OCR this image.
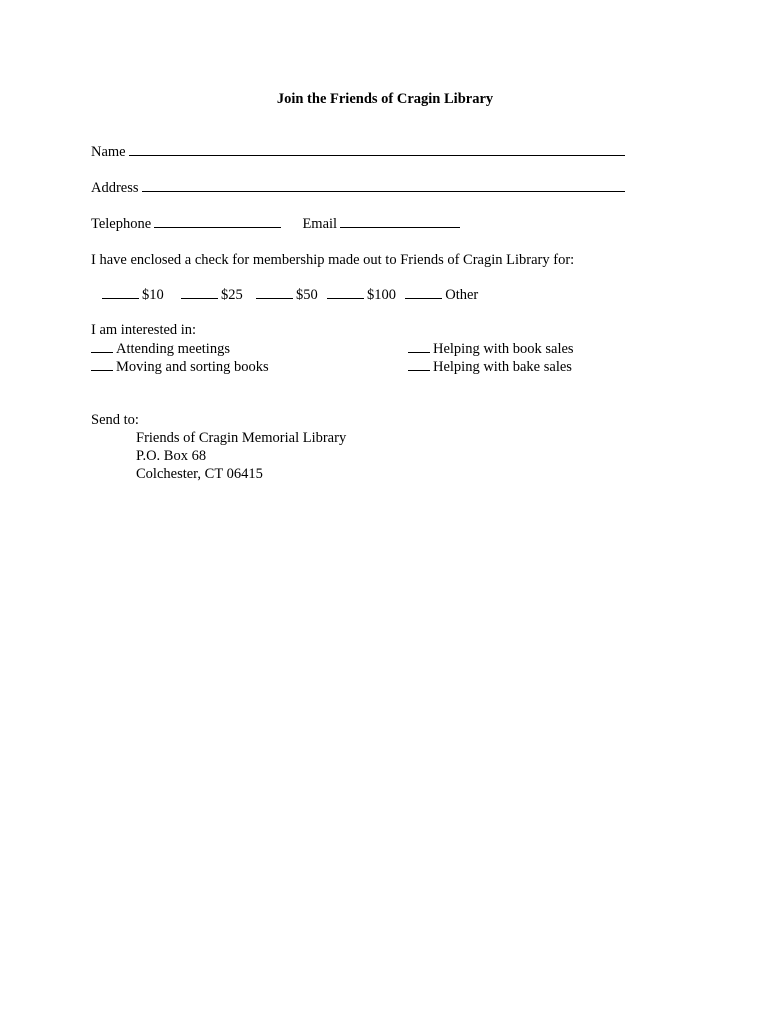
Join the Friends of Cragin Library
Name
Address
Telephone	Email
I have enclosed a check for membership made out to Friends of Cragin Library for:
$10	$25	$50	$100	Other
I am interested in:
Attending meetings
Moving and sorting books
Helping with book sales
Helping with bake sales
Send to:
Friends of Cragin Memorial Library
P.O. Box 68
Colchester, CT 06415
